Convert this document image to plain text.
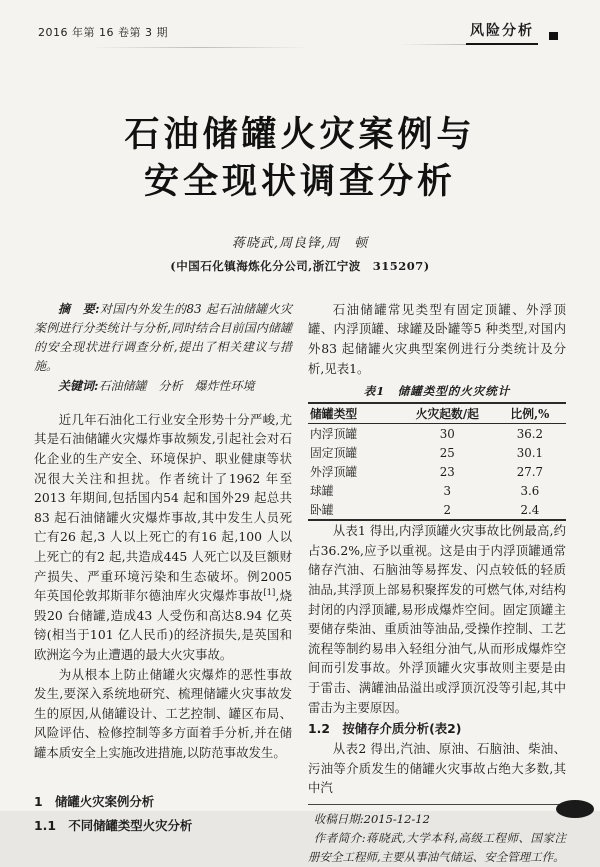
2016 年第 16 卷第 3 期	风险分析
石油储罐火灾案例与
安全现状调查分析
蒋晓武,周良锋,周　顿
(中国石化镇海炼化分公司,浙江宁波　315207)

摘　要:对国内外发生的83 起石油储罐火灾案例进行分类统计与分析,同时结合目前国内储罐的安全现状进行调查分析,提出了相关建议与措施。

关键词:石油储罐　分析　爆炸性环境

近几年石油化工行业安全形势十分严峻,尤其是石油储罐火灾爆炸事故频发,引起社会对石化企业的生产安全、环境保护、职业健康等状况很大关注和担扰。作者统计了1962 年至2013 年期间,包括国内54 起和国外29 起总共83 起石油储罐火灾爆炸事故,其中发生人员死亡有26 起,3 人以上死亡的有16 起,100 人以上死亡的有2 起,共造成445 人死亡以及巨额财产损失、严重环境污染和生态破坏。例2005 年英国伦敦邦斯菲尔德油库火灾爆炸事故[1],烧毁20 台储罐,造成43 人受伤和高达8.94 亿英镑(相当于101 亿人民币)的经济损失,是英国和欧洲迄今为止遭遇的最大火灾事故。

为从根本上防止储罐火灾爆炸的恶性事故发生,要深入系统地研究、梳理储罐火灾事故发生的原因,从储罐设计、工艺控制、罐区布局、风险评估、检修控制等多方面着手分析,并在储罐本质安全上实施改进措施,以防范事故发生。

1　储罐火灾案例分析
1.1　不同储罐类型火灾分析

石油储罐常见类型有固定顶罐、外浮顶罐、内浮顶罐、球罐及卧罐等5 种类型,对国内外83 起储罐火灾典型案例进行分类统计及分析,见表1。

表1　储罐类型的火灾统计
储罐类型	火灾起数/起	比例,%
内浮顶罐	30	36.2
固定顶罐	25	30.1
外浮顶罐	23	27.7
球罐	3	3.6
卧罐	2	2.4

从表1 得出,内浮顶罐火灾事故比例最高,约占36.2%,应予以重视。这是由于内浮顶罐通常储存汽油、石脑油等易挥发、闪点较低的轻质油品,其浮顶上部易积聚挥发的可燃气体,对结构封闭的内浮顶罐,易形成爆炸空间。固定顶罐主要储存柴油、重质油等油品,受操作控制、工艺流程等制约易串入轻组分油气,从而形成爆炸空间而引发事故。外浮顶罐火灾事故则主要是由于雷击、满罐油品溢出或浮顶沉没等引起,其中雷击为主要原因。

1.2　按储存介质分析(表2)

从表2 得出,汽油、原油、石脑油、柴油、污油等介质发生的储罐火灾事故占绝大多数,其中汽

收稿日期:2015-12-12
作者简介:蒋晓武,大学本科,高级工程师、国家注册安全工程师,主要从事油气储运、安全管理工作。
